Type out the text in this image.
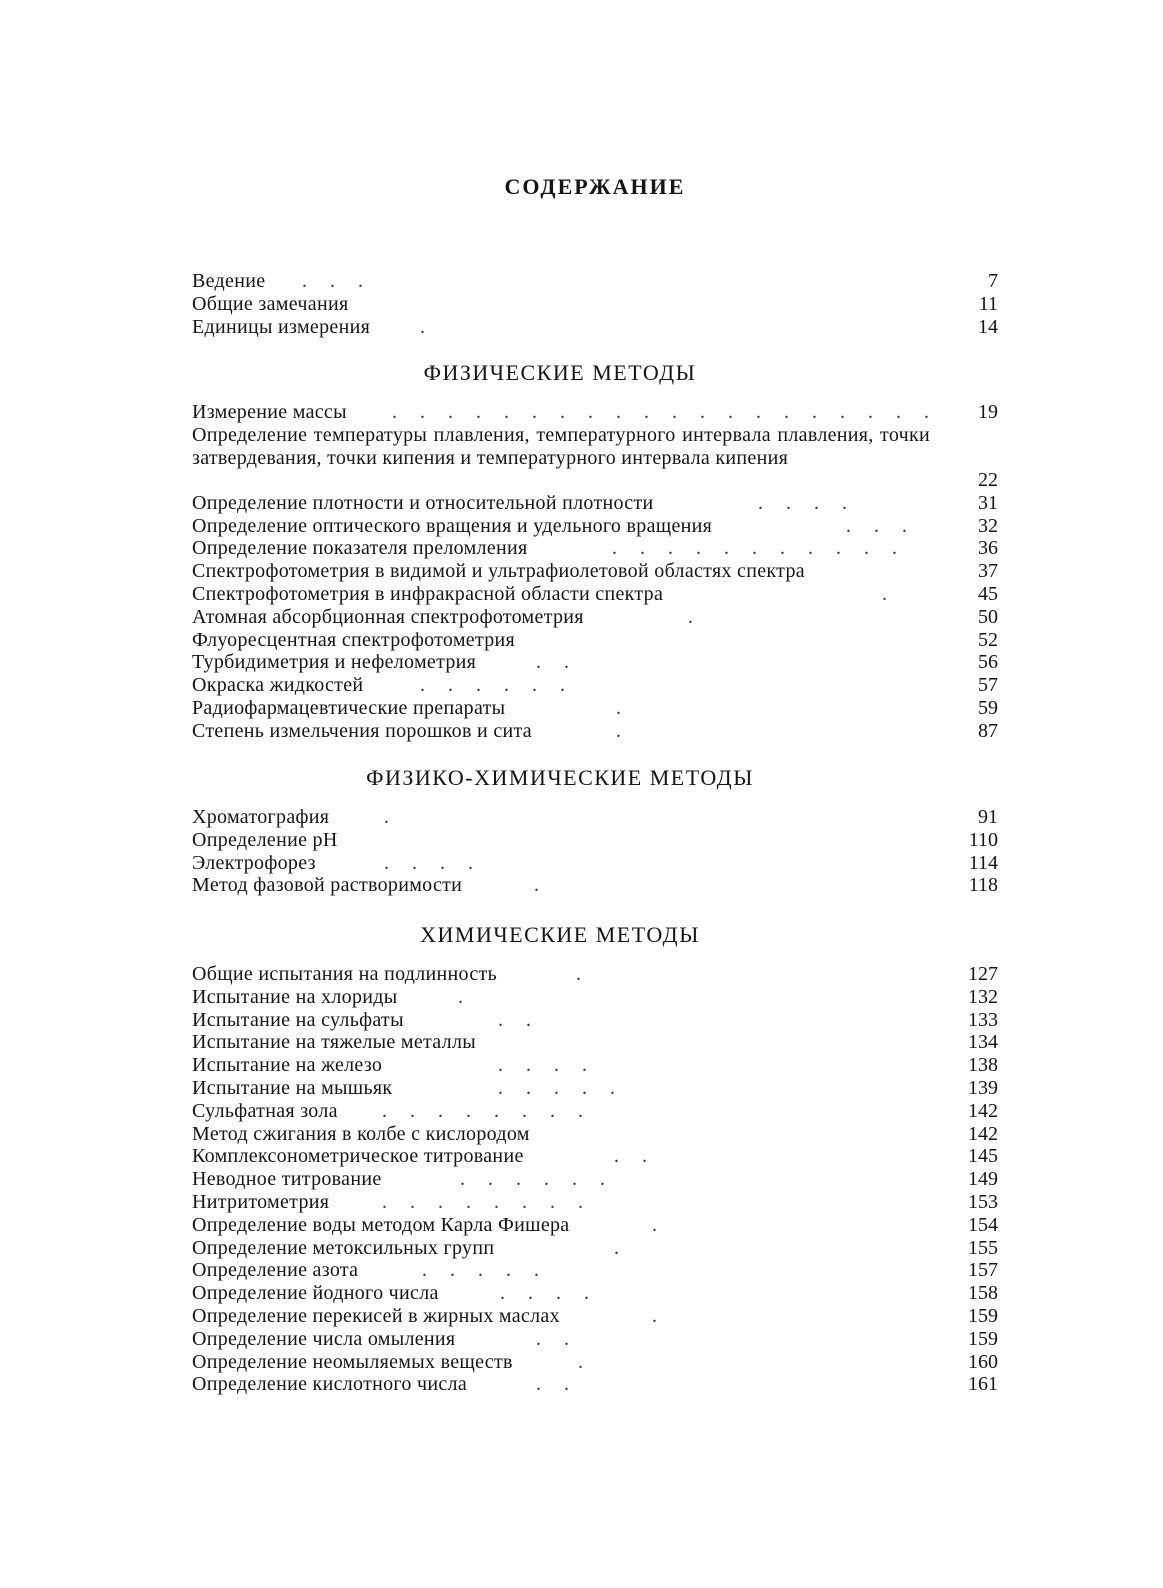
СОДЕРЖАНИЕ
Ведение . . .	7
Общие замечания	11
Единицы измерения .	14
ФИЗИЧЕСКИЕ МЕТОДЫ
Измерение массы . . . . . . . . . . . . . . . . . . . . 19
Определение температуры плавления, температурного интервала плавления, точки затвердевания, точки кипения и температурного интервала кипения
22
Определение плотности и относительной плотности	. . . .	31
Определение оптического вращения и удельного вращения	. . .	32
Определение показателя преломления	. . . . . . . . . . .	36
Спектрофотометрия в видимой и ультрафиолетовой областях спектра	37
Спектрофотометрия в инфракрасной области спектра	.	45
Атомная абсорбционная спектрофотометрия	.	50
Флуоресцентная спектрофотометрия	52
Турбидиметрия и нефелометрия	. .	56
Окраска жидкостей	. . . . . .	57
Радиофармацевтические препараты	.	59
Степень измельчения порошков и сита	.	87
ФИЗИКО-ХИМИЧЕСКИЕ МЕТОДЫ
Хроматография	.	91
Определение pH	110
Электрофорез	. . . .	114
Метод фазовой растворимости	.	118
ХИМИЧЕСКИЕ МЕТОДЫ
Общие испытания на подлинность	.	127
Испытание на хлориды	.	132
Испытание на сульфаты	. .	133
Испытание на тяжелые металлы	134
Испытание на железо	. . . .	138
Испытание на мышьяк	. . . . .	139
Сульфатная зола . . . . . . . .	142
Метод сжигания в колбе с кислородом	142
Комплексонометрическое титрование	. .	145
Неводное титрование	. . . . . .	149
Нитритометрия	. . . . . . . .	153
Определение воды методом Карла Фишера	.	154
Определение метоксильных групп	.	155
Определение азота	. . . . .	157
Определение йодного числа	. . . .	158
Определение перекисей в жирных маслах	.	159
Определение числа омыления	. .	159
Определение неомыляемых веществ	.	160
Определение кислотного числа	. .	161
